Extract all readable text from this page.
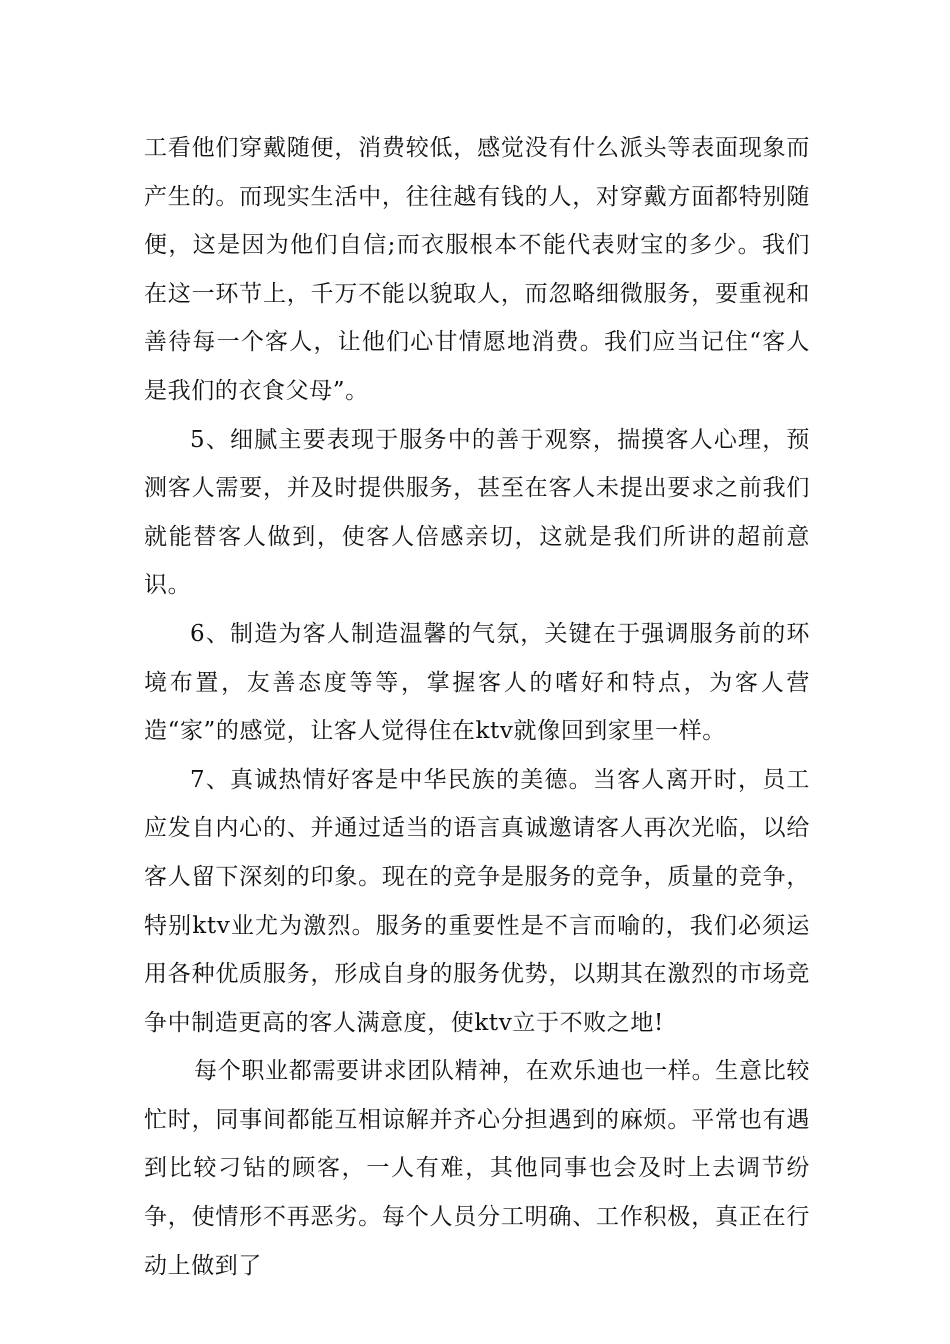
工看他们穿戴随便，消费较低，感觉没有什么派头等表面现象而产生的。而现实生活中，往往越有钱的人，对穿戴方面都特别随便，这是因为他们自信;而衣服根本不能代表财宝的多少。我们在这一环节上，千万不能以貌取人，而忽略细微服务，要重视和善待每一个客人，让他们心甘情愿地消费。我们应当记住“客人是我们的衣食父母”。

5、细腻主要表现于服务中的善于观察，揣摸客人心理，预测客人需要，并及时提供服务，甚至在客人未提出要求之前我们就能替客人做到，使客人倍感亲切，这就是我们所讲的超前意识。

6、制造为客人制造温馨的气氛，关键在于强调服务前的环境布置，友善态度等等，掌握客人的嗜好和特点，为客人营造“家”的感觉，让客人觉得住在ktv就像回到家里一样。

7、真诚热情好客是中华民族的美德。当客人离开时，员工应发自内心的、并通过适当的语言真诚邀请客人再次光临，以给客人留下深刻的印象。现在的竞争是服务的竞争，质量的竞争，特别ktv业尤为激烈。服务的重要性是不言而喻的，我们必须运用各种优质服务，形成自身的服务优势，以期其在激烈的市场竞争中制造更高的客人满意度，使ktv立于不败之地!

每个职业都需要讲求团队精神，在欢乐迪也一样。生意比较忙时，同事间都能互相谅解并齐心分担遇到的麻烦。平常也有遇到比较刁钻的顾客，一人有难，其他同事也会及时上去调节纷争，使情形不再恶劣。每个人员分工明确、工作积极，真正在行动上做到了
